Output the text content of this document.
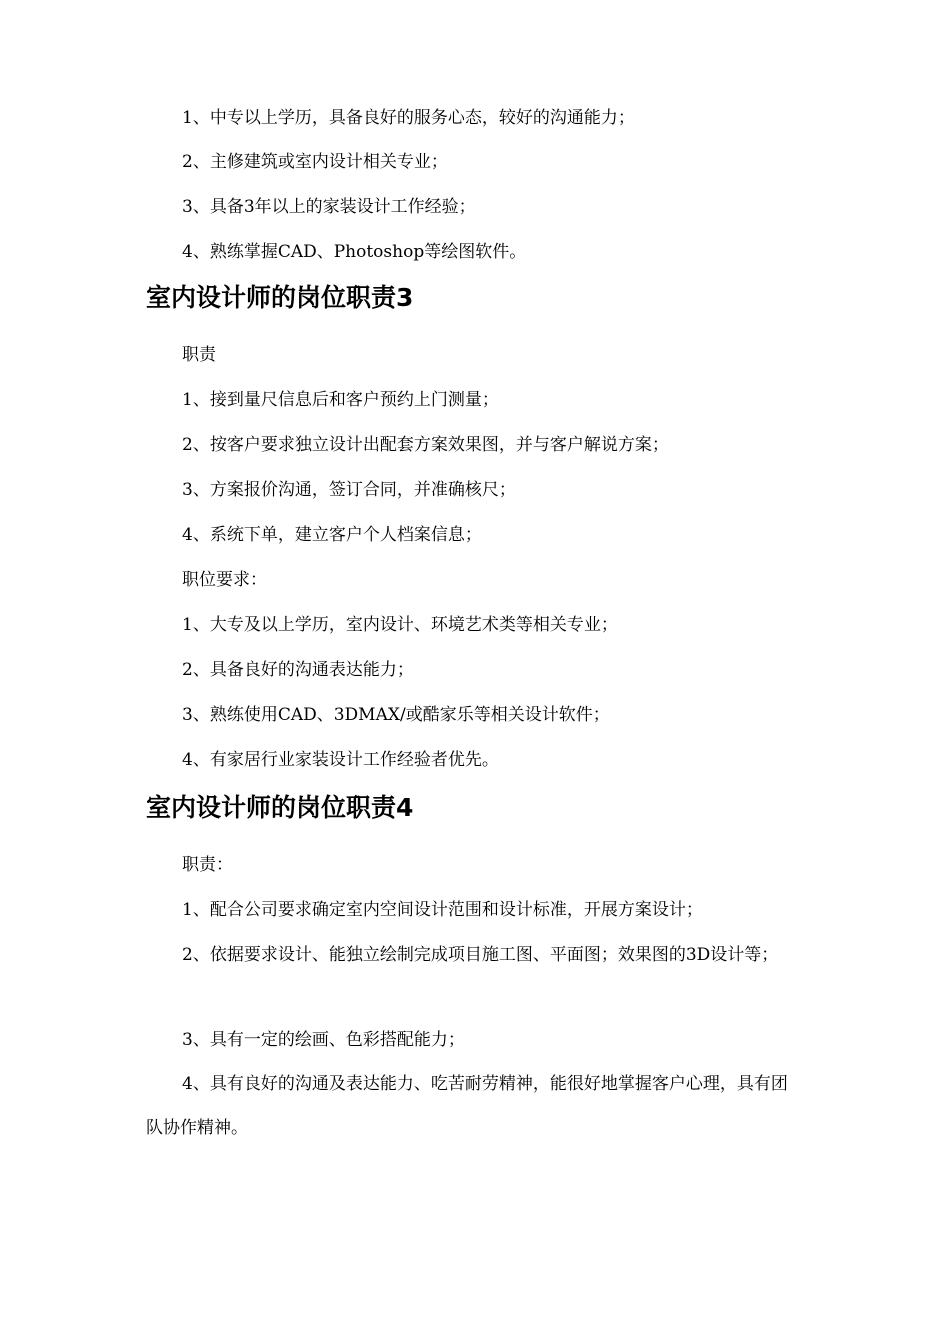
1、中专以上学历，具备良好的服务心态，较好的沟通能力；
2、主修建筑或室内设计相关专业；
3、具备3年以上的家装设计工作经验；
4、熟练掌握CAD、Photoshop等绘图软件。
室内设计师的岗位职责3
职责
1、接到量尺信息后和客户预约上门测量；
2、按客户要求独立设计出配套方案效果图，并与客户解说方案；
3、方案报价沟通，签订合同，并准确核尺；
4、系统下单，建立客户个人档案信息；
职位要求：
1、大专及以上学历，室内设计、环境艺术类等相关专业；
2、具备良好的沟通表达能力；
3、熟练使用CAD、3DMAX/或酷家乐等相关设计软件；
4、有家居行业家装设计工作经验者优先。
室内设计师的岗位职责4
职责：
1、配合公司要求确定室内空间设计范围和设计标准，开展方案设计；
2、依据要求设计、能独立绘制完成项目施工图、平面图；效果图的3D设计等；
3、具有一定的绘画、色彩搭配能力；
4、具有良好的沟通及表达能力、吃苦耐劳精神，能很好地掌握客户心理，具有团队协作精神。
